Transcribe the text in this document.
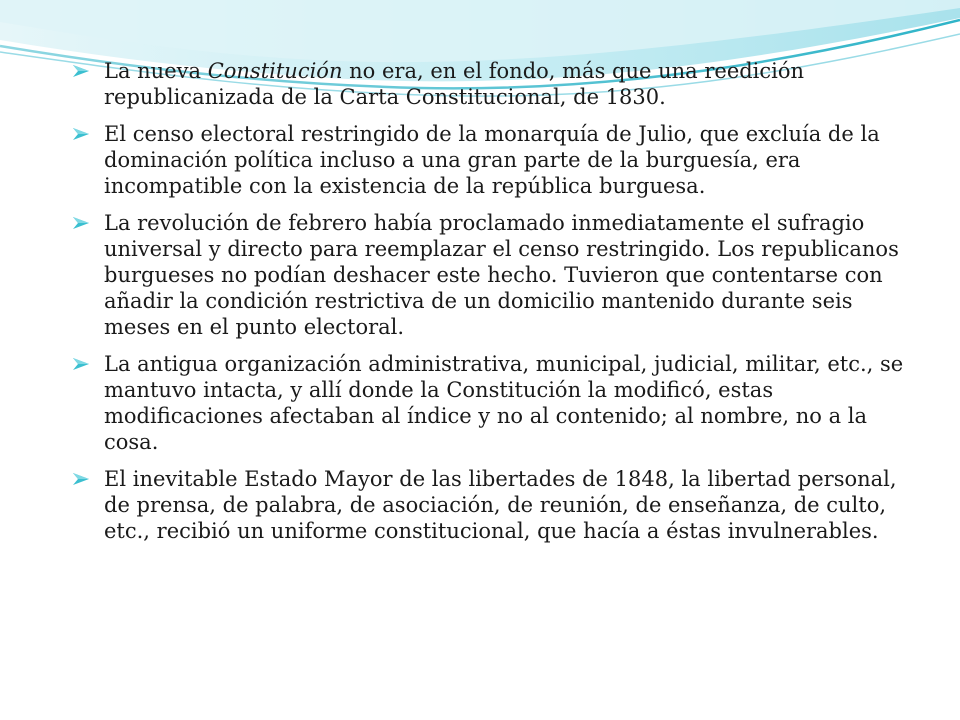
La nueva Constitución no era, en el fondo, más que una reedición republicanizada de la Carta Constitucional, de 1830.
El censo electoral restringido de la monarquía de Julio, que excluía de la dominación política incluso a una gran parte de la burguesía, era incompatible con la existencia de la república burguesa.
La revolución de febrero había proclamado inmediatamente el sufragio universal y directo para reemplazar el censo restringido. Los republicanos burgueses no podían deshacer este hecho. Tuvieron que contentarse con añadir la condición restrictiva de un domicilio mantenido durante seis meses en el punto electoral.
La antigua organización administrativa, municipal, judicial, militar, etc., se mantuvo intacta, y allí donde la Constitución la modificó, estas modificaciones afectaban al índice y no al contenido; al nombre, no a la cosa.
El inevitable Estado Mayor de las libertades de 1848, la libertad personal, de prensa, de palabra, de asociación, de reunión, de enseñanza, de culto, etc., recibió un uniforme constitucional, que hacía a éstas invulnerables.
